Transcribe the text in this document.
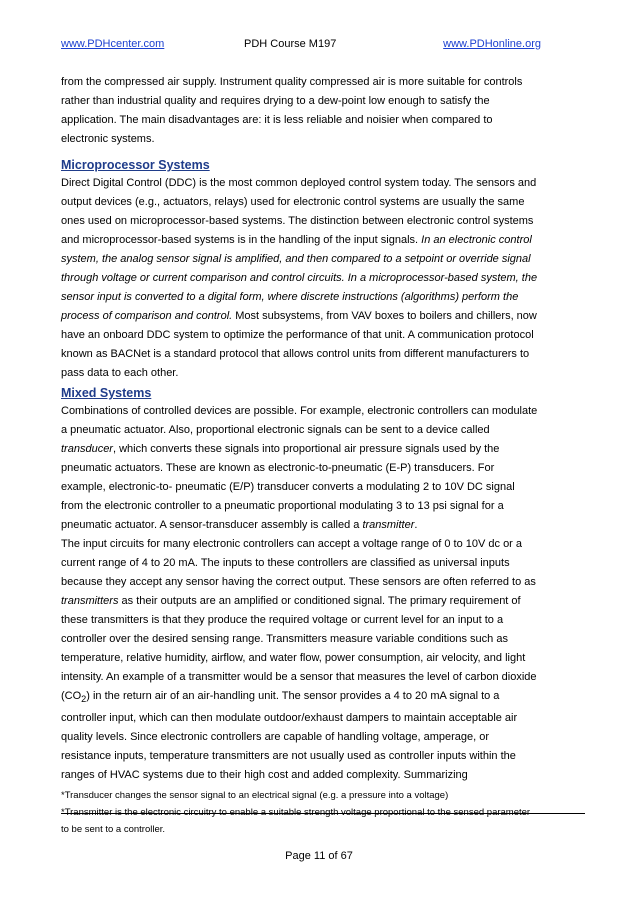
www.PDHcenter.com	PDH Course M197	www.PDHonline.org

from the compressed air supply. Instrument quality compressed air is more suitable for controls rather than industrial quality and requires drying to a dew-point low enough to satisfy the application. The main disadvantages are: it is less reliable and noisier when compared to electronic systems.

Microprocessor Systems

Direct Digital Control (DDC) is the most common deployed control system today. The sensors and output devices (e.g., actuators, relays) used for electronic control systems are usually the same ones used on microprocessor-based systems. The distinction between electronic control systems and microprocessor-based systems is in the handling of the input signals. In an electronic control system, the analog sensor signal is amplified, and then compared to a setpoint or override signal through voltage or current comparison and control circuits. In a microprocessor-based system, the sensor input is converted to a digital form, where discrete instructions (algorithms) perform the process of comparison and control. Most subsystems, from VAV boxes to boilers and chillers, now have an onboard DDC system to optimize the performance of that unit. A communication protocol known as BACNet is a standard protocol that allows control units from different manufacturers to pass data to each other.

Mixed Systems

Combinations of controlled devices are possible. For example, electronic controllers can modulate a pneumatic actuator. Also, proportional electronic signals can be sent to a device called transducer, which converts these signals into proportional air pressure signals used by the pneumatic actuators. These are known as electronic-to-pneumatic (E-P) transducers. For example, electronic-to- pneumatic (E/P) transducer converts a modulating 2 to 10V DC signal from the electronic controller to a pneumatic proportional modulating 3 to 13 psi signal for a pneumatic actuator. A sensor-transducer assembly is called a transmitter.

The input circuits for many electronic controllers can accept a voltage range of 0 to 10V dc or a current range of 4 to 20 mA. The inputs to these controllers are classified as universal inputs because they accept any sensor having the correct output. These sensors are often referred to as transmitters as their outputs are an amplified or conditioned signal. The primary requirement of these transmitters is that they produce the required voltage or current level for an input to a controller over the desired sensing range. Transmitters measure variable conditions such as temperature, relative humidity, airflow, and water flow, power consumption, air velocity, and light intensity. An example of a transmitter would be a sensor that measures the level of carbon dioxide $(CO_2)$ in the return air of an air-handling unit. The sensor provides a 4 to 20 mA signal to a controller input, which can then modulate outdoor/exhaust dampers to maintain acceptable air quality levels. Since electronic controllers are capable of handling voltage, amperage, or resistance inputs, temperature transmitters are not usually used as controller inputs within the ranges of HVAC systems due to their high cost and added complexity. Summarizing

*Transducer changes the sensor signal to an electrical signal (e.g. a pressure into a voltage)

*Transmitter is the electronic circuitry to enable a suitable strength voltage proportional to the sensed parameter to be sent to a controller.

Page 11 of 67
